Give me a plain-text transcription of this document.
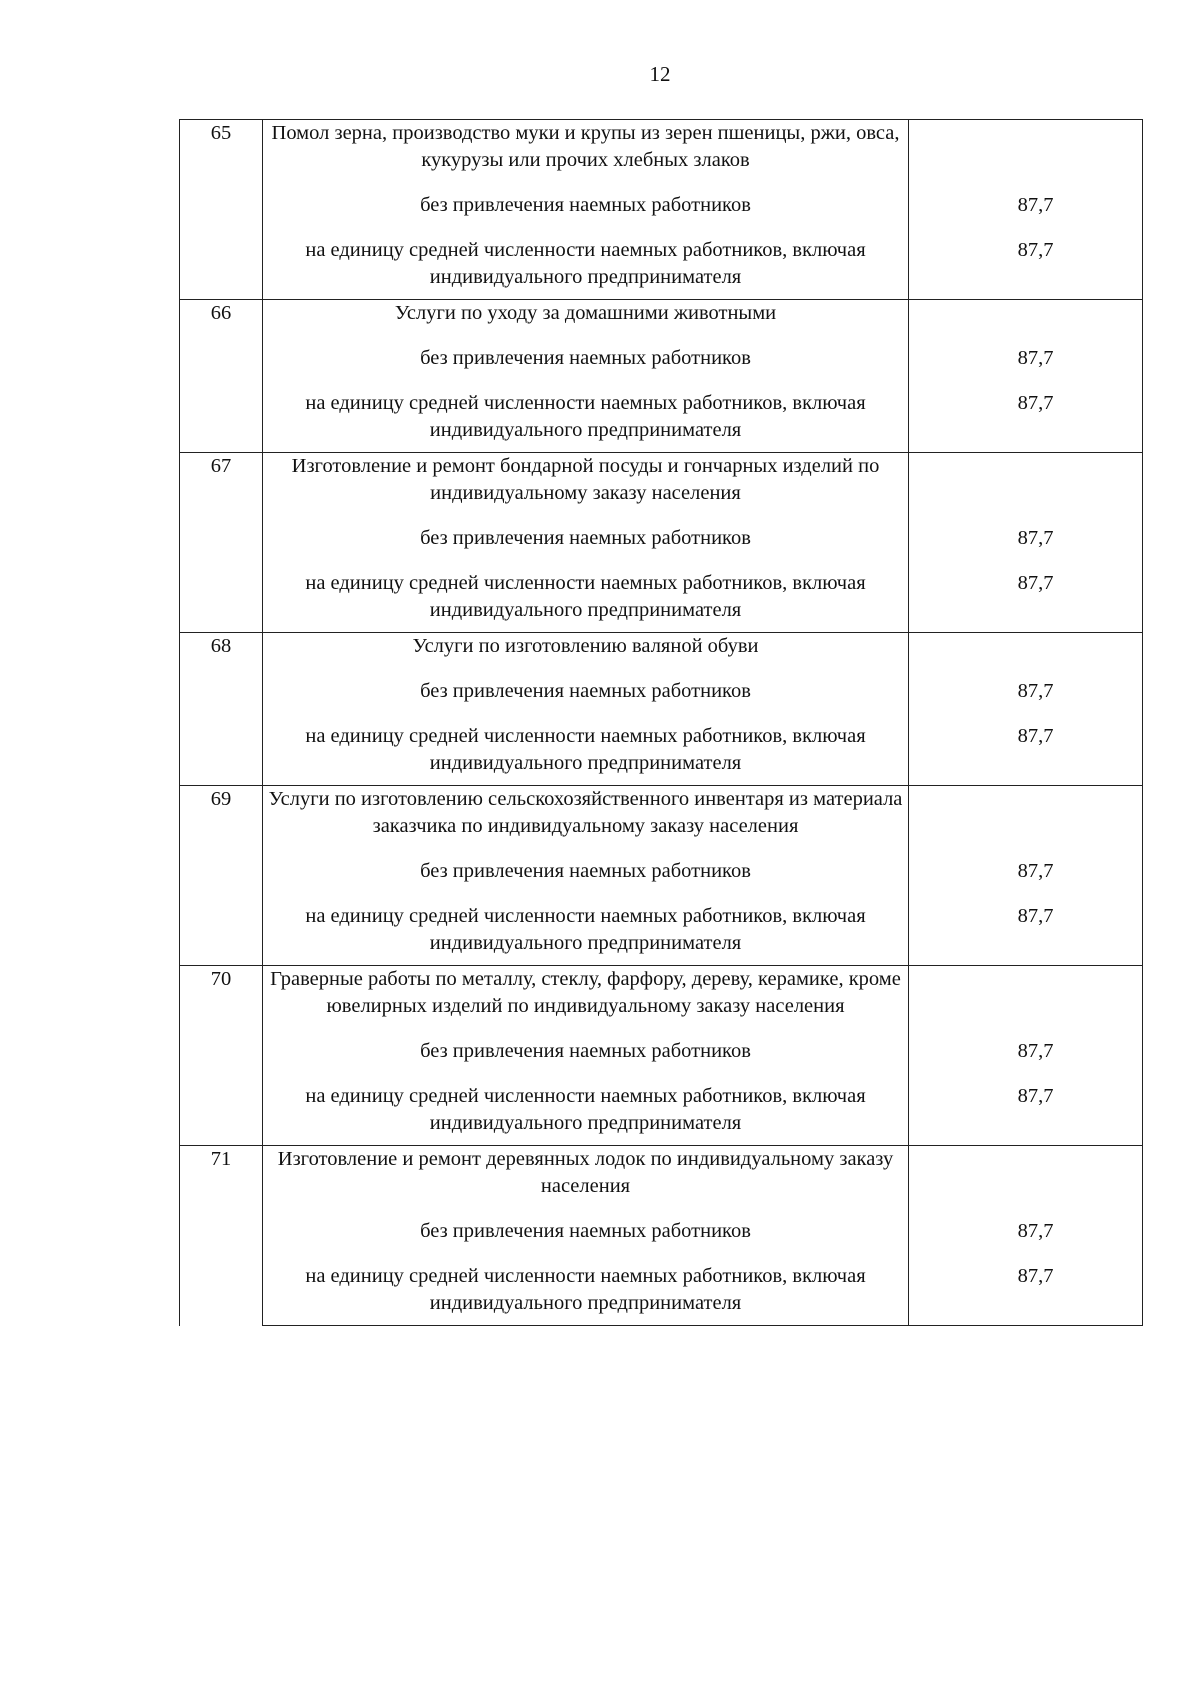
12
65	Помол зерна, производство муки и крупы из зерен пшеницы, ржи, овса, кукурузы или прочих хлебных злаков	
	без привлечения наемных работников	87,7
	на единицу средней численности наемных работников, включая индивидуального предпринимателя	87,7
66	Услуги по уходу за домашними животными	
	без привлечения наемных работников	87,7
	на единицу средней численности наемных работников, включая индивидуального предпринимателя	87,7
67	Изготовление и ремонт бондарной посуды и гончарных изделий по индивидуальному заказу населения	
	без привлечения наемных работников	87,7
	на единицу средней численности наемных работников, включая индивидуального предпринимателя	87,7
68	Услуги по изготовлению валяной обуви	
	без привлечения наемных работников	87,7
	на единицу средней численности наемных работников, включая индивидуального предпринимателя	87,7
69	Услуги по изготовлению сельскохозяйственного инвентаря из материала заказчика по индивидуальному заказу населения	
	без привлечения наемных работников	87,7
	на единицу средней численности наемных работников, включая индивидуального предпринимателя	87,7
70	Граверные работы по металлу, стеклу, фарфору, дереву, керамике, кроме ювелирных изделий по индивидуальному заказу населения	
	без привлечения наемных работников	87,7
	на единицу средней численности наемных работников, включая индивидуального предпринимателя	87,7
71	Изготовление и ремонт деревянных лодок по индивидуальному заказу населения	
	без привлечения наемных работников	87,7
	на единицу средней численности наемных работников, включая индивидуального предпринимателя	87,7
